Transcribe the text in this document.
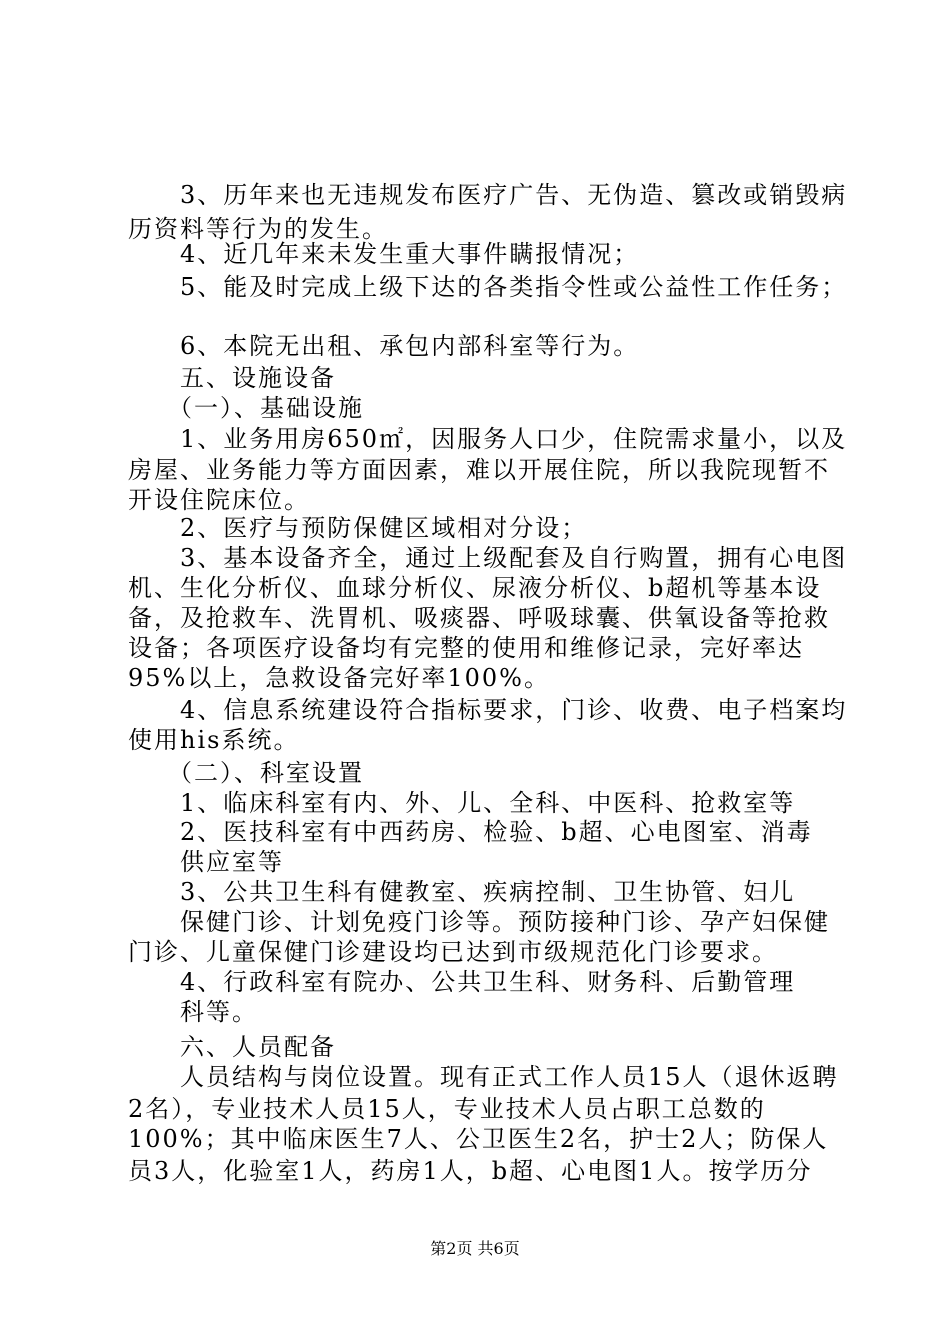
3、历年来也无违规发布医疗广告、无伪造、篡改或销毁病
历资料等行为的发生。
4、近几年来未发生重大事件瞒报情况；
5、能及时完成上级下达的各类指令性或公益性工作任务；
6、本院无出租、承包内部科室等行为。
五、设施设备
（一）、基础设施
1、业务用房650㎡，因服务人口少，住院需求量小，以及
房屋、业务能力等方面因素，难以开展住院，所以我院现暂不
开设住院床位。
2、医疗与预防保健区域相对分设；
3、基本设备齐全，通过上级配套及自行购置，拥有心电图
机、生化分析仪、血球分析仪、尿液分析仪、b超机等基本设
备，及抢救车、洗胃机、吸痰器、呼吸球囊、供氧设备等抢救
设备；各项医疗设备均有完整的使用和维修记录，完好率达
95%以上，急救设备完好率100%。
4、信息系统建设符合指标要求，门诊、收费、电子档案均
使用his系统。
（二）、科室设置
1、临床科室有内、外、儿、全科、中医科、抢救室等
2、医技科室有中西药房、检验、b超、心电图室、消毒
供应室等
3、公共卫生科有健教室、疾病控制、卫生协管、妇儿
保健门诊、计划免疫门诊等。预防接种门诊、孕产妇保健
门诊、儿童保健门诊建设均已达到市级规范化门诊要求。
4、行政科室有院办、公共卫生科、财务科、后勤管理
科等。
六、人员配备
人员结构与岗位设置。现有正式工作人员15人（退休返聘
2名），专业技术人员15人，专业技术人员占职工总数的
100%；其中临床医生7人、公卫医生2名，护士2人；防保人
员3人，化验室1人，药房1人，b超、心电图1人。按学历分
第2页 共6页
